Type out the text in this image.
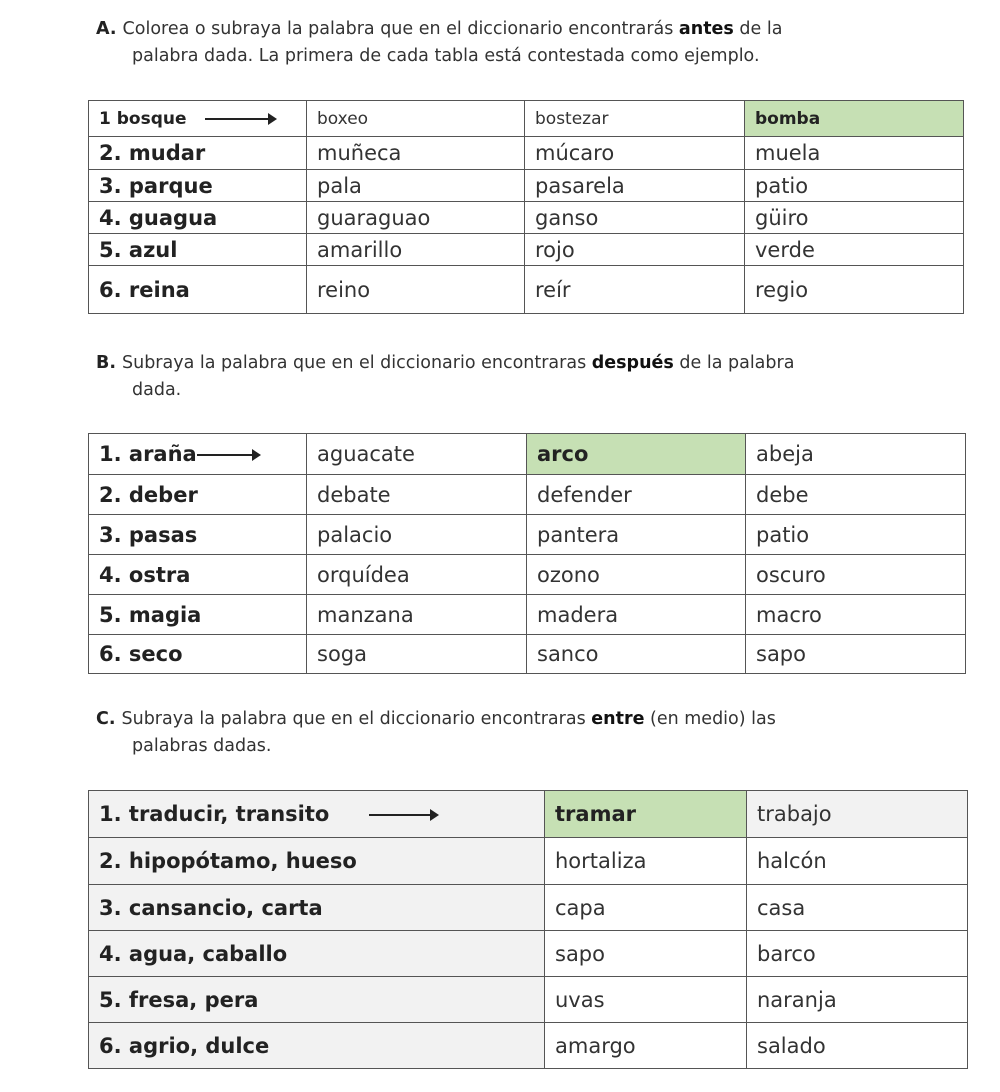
A. Colorea o subraya la palabra que en el diccionario encontrarás antes de la
palabra dada. La primera de cada tabla está contestada como ejemplo.
1 bosque	boxeo	bostezar	bomba
2. mudar	muñeca	múcaro	muela
3. parque	pala	pasarela	patio
4. guagua	guaraguao	ganso	güiro
5. azul	amarillo	rojo	verde
6. reina	reino	reír	regio
B. Subraya la palabra que en el diccionario encontraras después de la palabra
dada.
1. araña	aguacate	arco	abeja
2. deber	debate	defender	debe
3. pasas	palacio	pantera	patio
4. ostra	orquídea	ozono	oscuro
5. magia	manzana	madera	macro
6. seco	soga	sanco	sapo
C. Subraya la palabra que en el diccionario encontraras entre (en medio) las
palabras dadas.
1. traducir, transito	tramar	trabajo
2. hipopótamo, hueso	hortaliza	halcón
3. cansancio, carta	capa	casa
4. agua, caballo	sapo	barco
5. fresa, pera	uvas	naranja
6. agrio, dulce	amargo	salado
